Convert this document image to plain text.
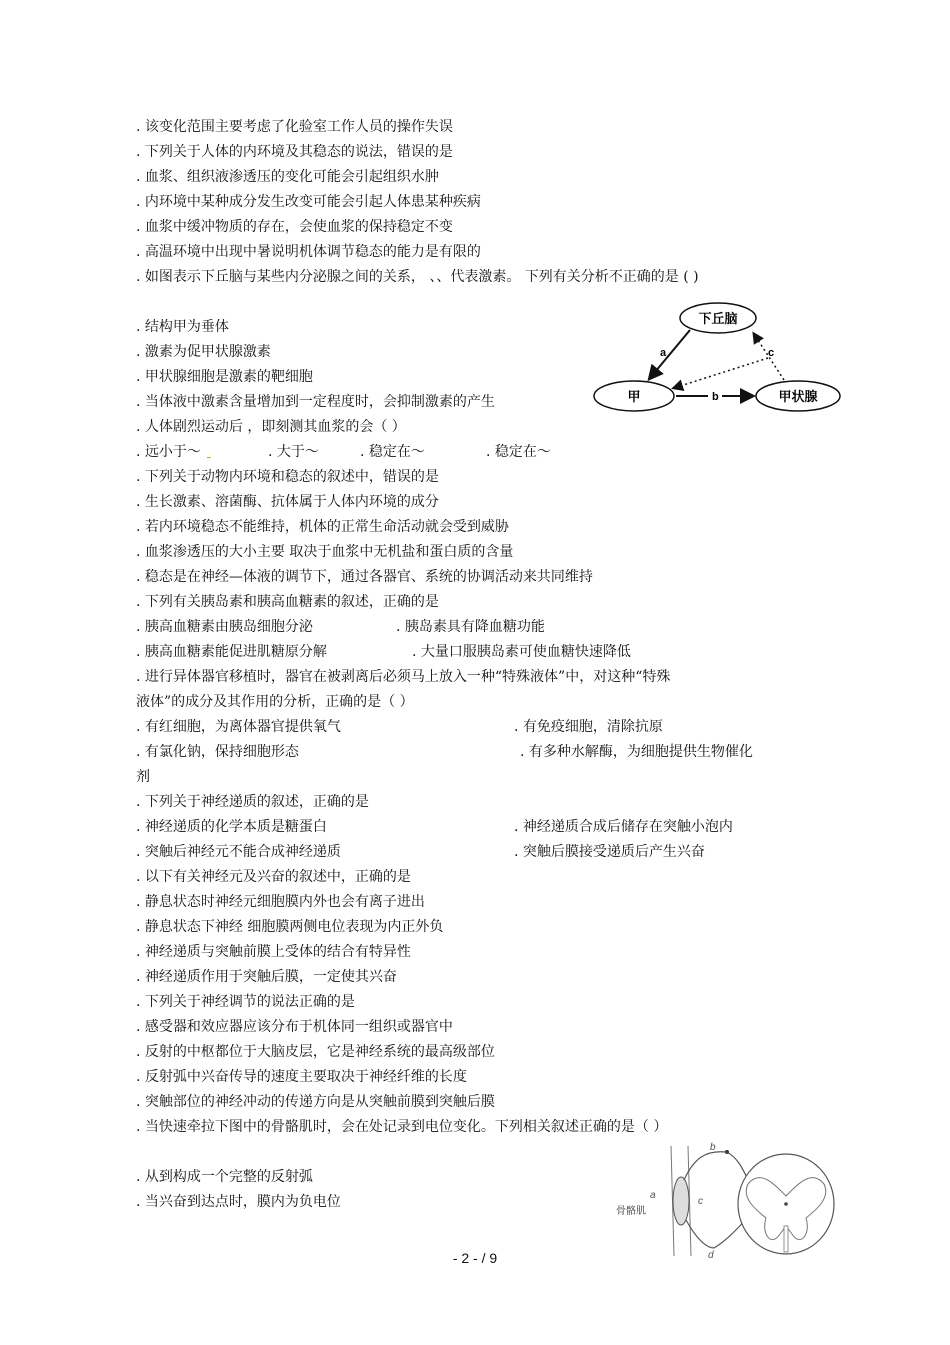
. 该变化范围主要考虑了化验室工作人员的操作失误
. 下列关于人体的内环境及其稳态的说法，错误的是
. 血浆、组织液渗透压的变化可能会引起组织水肿
. 内环境中某种成分发生改变可能会引起人体患某种疾病
. 血浆中缓冲物质的存在，会使血浆的保持稳定不变
. 高温环境中出现中暑说明机体调节稳态的能力是有限的
. 如图表示下丘脑与某些内分泌腺之间的关系， 、、代表激素。 下列有关分析不正确的是 ( )
. 结构甲为垂体
. 激素为促甲状腺激素
. 甲状腺细胞是激素的靶细胞
. 当体液中激素含量增加到一定程度时，会抑制激素的产生
下丘脑
甲	甲状腺
a
b
c
. 人体剧烈运动后 ，即刻测其血浆的会（ ）
. 远小于～ ˍ	. 大于～	. 稳定在～	. 稳定在～
. 下列关于动物内环境和稳态的叙述中，错误的是
. 生长激素、溶菌酶、抗体属于人体内环境的成分
. 若内环境稳态不能维持，机体的正常生命活动就会受到威胁
. 血浆渗透压的大小主要 取决于血浆中无机盐和蛋白质的含量
. 稳态是在神经—体液的调节下，通过各器官、系统的协调活动来共同维持
. 下列有关胰岛素和胰高血糖素的叙述，正确的是
. 胰高血糖素由胰岛细胞分泌	. 胰岛素具有降血糖功能
. 胰高血糖素能促进肌糖原分解	. 大量口服胰岛素可使血糖快速降低
. 进行异体器官移植时，器官在被剥离后必须马上放入一种“特殊液体”中，对这种“特殊
液体”的成分及其作用的分析，正确的是（ ）
. 有红细胞，为离体器官提供氧气	. 有免疫细胞，清除抗原
. 有氯化钠，保持细胞形态	. 有多种水解酶，为细胞提供生物催化
剂
. 下列关于神经递质的叙述，正确的是
. 神经递质的化学本质是糖蛋白	. 神经递质合成后储存在突触小泡内
. 突触后神经元不能合成神经递质	. 突触后膜接受递质后产生兴奋
. 以下有关神经元及兴奋的叙述中，正确的是
. 静息状态时神经元细胞膜内外也会有离子进出
. 静息状态下神经 细胞膜两侧电位表现为内正外负
. 神经递质与突触前膜上受体的结合有特异性
. 神经递质作用于突触后膜，一定使其兴奋
. 下列关于神经调节的说法正确的是
. 感受器和效应器应该分布于机体同一组织或器官中
. 反射的中枢都位于大脑皮层，它是神经系统的最高级部位
. 反射弧中兴奋传导的速度主要取决于神经纤维的长度
. 突触部位的神经冲动的传递方向是从突触前膜到突触后膜
. 当快速牵拉下图中的骨骼肌时，会在处记录到电位变化。下列相关叙述正确的是（ ）
. 从到构成一个完整的反射弧
. 当兴奋到达点时，膜内为负电位
b
a
c
d
骨骼肌
- 2 - / 9
